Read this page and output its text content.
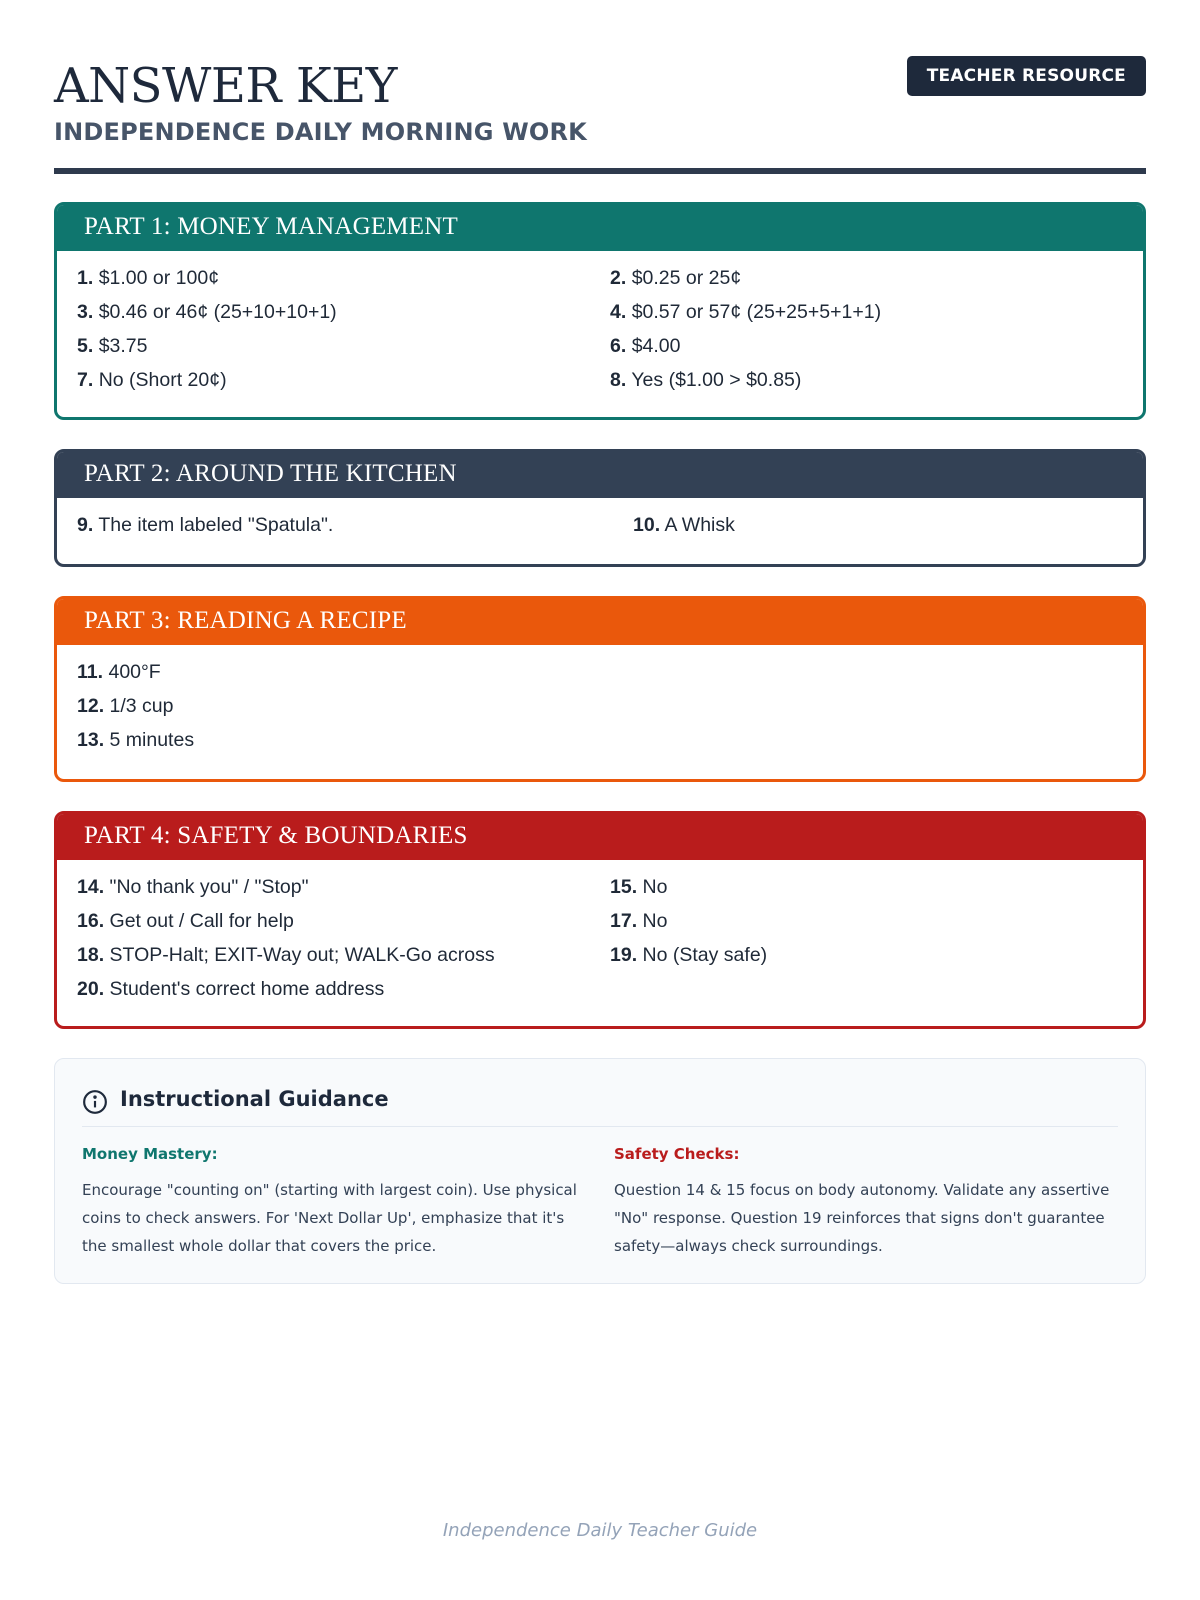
ANSWER KEY
INDEPENDENCE DAILY MORNING WORK
TEACHER RESOURCE
PART 1: MONEY MANAGEMENT
1. $1.00 or 100¢	2. $0.25 or 25¢
3. $0.46 or 46¢ (25+10+10+1)	4. $0.57 or 57¢ (25+25+5+1+1)
5. $3.75	6. $4.00
7. No (Short 20¢)	8. Yes ($1.00 > $0.85)
PART 2: AROUND THE KITCHEN
9. The item labeled "Spatula".	10. A Whisk
PART 3: READING A RECIPE
11. 400°F
12. 1/3 cup
13. 5 minutes
PART 4: SAFETY & BOUNDARIES
14. "No thank you" / "Stop"	15. No
16. Get out / Call for help	17. No
18. STOP-Halt; EXIT-Way out; WALK-Go across	19. No (Stay safe)
20. Student's correct home address
Instructional Guidance
Money Mastery:
Encourage "counting on" (starting with largest coin). Use physical coins to check answers. For 'Next Dollar Up', emphasize that it's the smallest whole dollar that covers the price.
Safety Checks:
Question 14 & 15 focus on body autonomy. Validate any assertive "No" response. Question 19 reinforces that signs don't guarantee safety—always check surroundings.
Independence Daily Teacher Guide
